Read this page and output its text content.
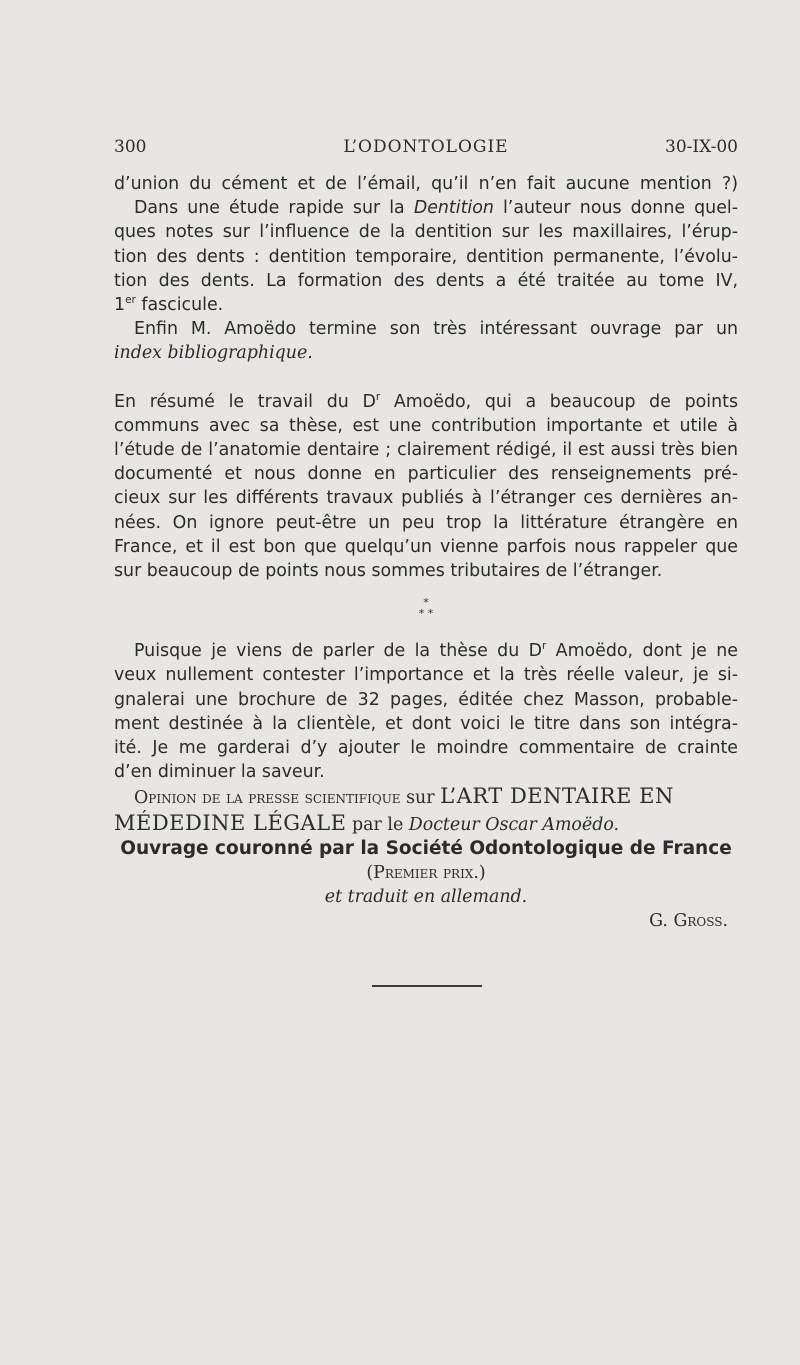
300	L’ODONTOLOGIE	30-IX-00
d’union du cément et de l’émail, qu’il n’en fait aucune mention ?)
Dans une étude rapide sur la Dentition l’auteur nous donne quel-
ques notes sur l’influence de la dentition sur les maxillaires, l’érup-
tion des dents : dentition temporaire, dentition permanente, l’évolu-
tion des dents. La formation des dents a été traitée au tome IV,
1er fascicule.
Enfin M. Amoëdo termine son très intéressant ouvrage par un
index bibliographique.
En résumé le travail du $D^r$ Amoëdo, qui a beaucoup de points
communs avec sa thèse, est une contribution importante et utile à
l’étude de l’anatomie dentaire ; clairement rédigé, il est aussi très bien
documenté et nous donne en particulier des renseignements pré-
cieux sur les différents travaux publiés à l’étranger ces dernières an-
nées. On ignore peut-être un peu trop la littérature étrangère en
France, et il est bon que quelqu’un vienne parfois nous rappeler que
sur beaucoup de points nous sommes tributaires de l’étranger.
*
* *
Puisque je viens de parler de la thèse du $D^r$ Amoëdo, dont je ne
veux nullement contester l’importance et la très réelle valeur, je si-
gnalerai une brochure de 32 pages, éditée chez Masson, probable-
ment destinée à la clientèle, et dont voici le titre dans son intégra-
ité. Je me garderai d’y ajouter le moindre commentaire de crainte
d’en diminuer la saveur.
Opinion de la presse scientifique sur L’ART DENTAIRE EN
MÉDEDINE LÉGALE par le Docteur Oscar Amoëdo.
Ouvrage couronné par la Société Odontologique de France
(Premier prix.)
et traduit en allemand.
G. Gross.
